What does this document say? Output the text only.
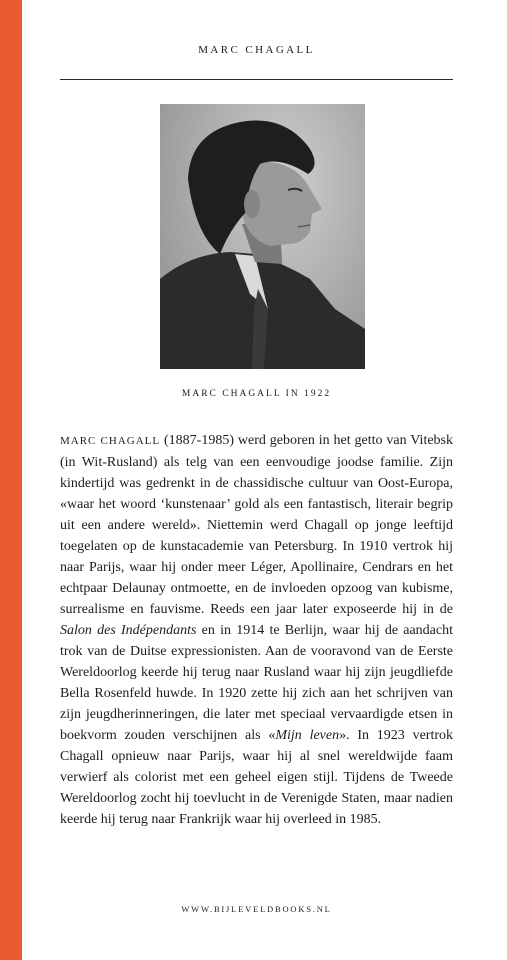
MARC CHAGALL
MARC CHAGALL IN 1922

MARC CHAGALL (1887-1985) werd geboren in het getto van Vitebsk (in Wit-Rusland) als telg van een eenvoudige joodse familie. Zijn kindertijd was gedrenkt in de chassidische cultuur van Oost-Europa, «waar het woord ‘kunstenaar’ gold als een fantastisch, literair begrip uit een andere wereld». Niettemin werd Chagall op jonge leeftijd toegelaten op de kunstacademie van Petersburg. In 1910 vertrok hij naar Parijs, waar hij onder meer Léger, Apollinaire, Cendrars en het echtpaar Delaunay ontmoette, en de invloeden opzoog van kubisme, surrealisme en fauvisme. Reeds een jaar later exposeerde hij in de Salon des Indépendants en in 1914 te Berlijn, waar hij de aandacht trok van de Duitse expressionisten. Aan de vooravond van de Eerste Wereldoorlog keerde hij terug naar Rusland waar hij zijn jeugdliefde Bella Rosenfeld huwde. In 1920 zette hij zich aan het schrijven van zijn jeugdherinneringen, die later met speciaal vervaardigde etsen in boekvorm zouden verschijnen als «Mijn leven». In 1923 vertrok Chagall opnieuw naar Parijs, waar hij al snel wereldwijde faam verwierf als colorist met een geheel eigen stijl. Tijdens de Tweede Wereldoorlog zocht hij toevlucht in de Verenigde Staten, maar nadien keerde hij terug naar Frankrijk waar hij overleed in 1985.

WWW.BIJLEVELDBOOKS.NL
